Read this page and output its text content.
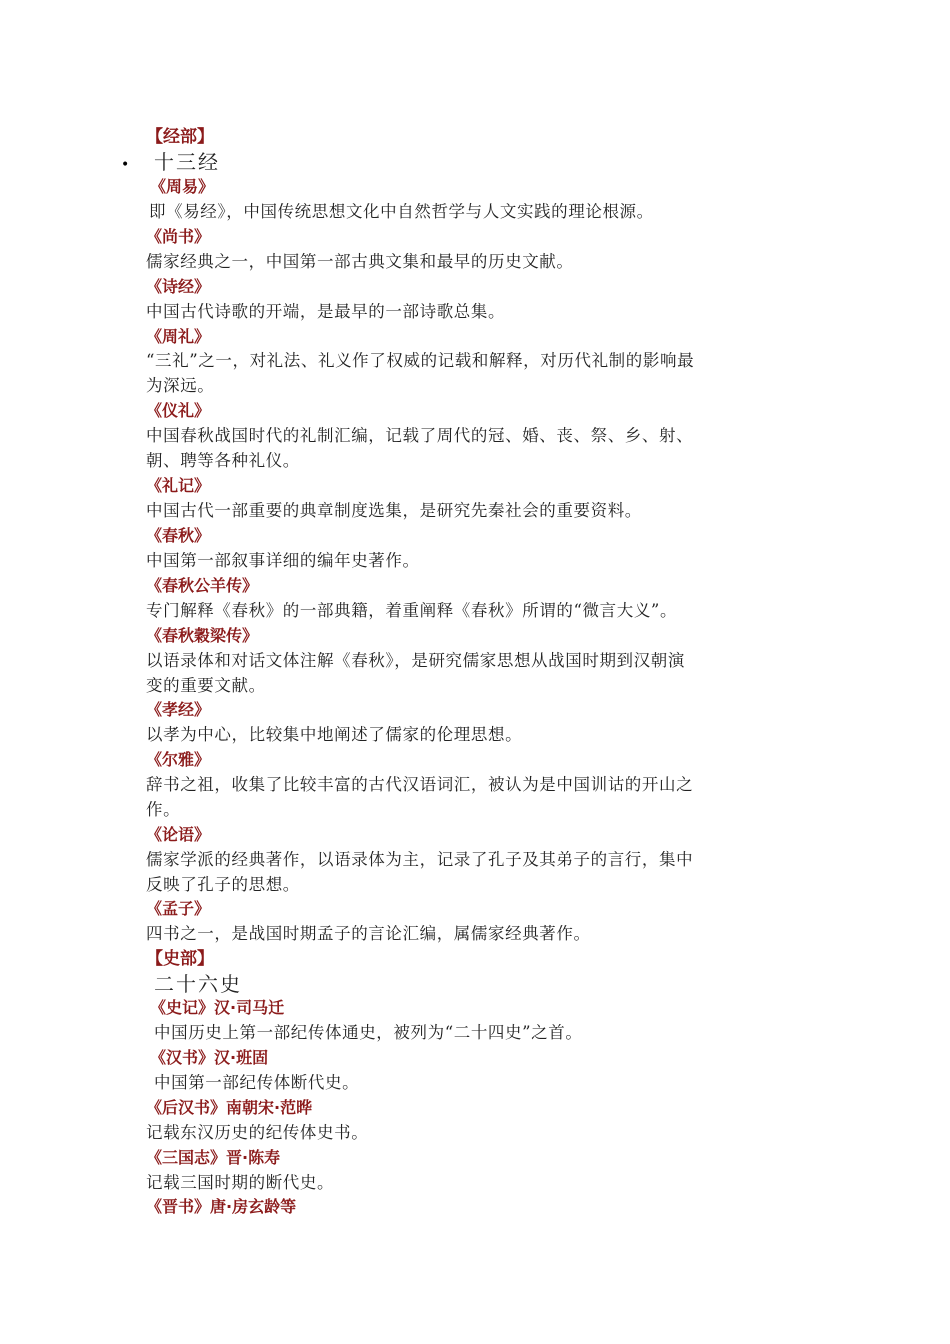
【经部】
• 十三经
《周易》
即《易经》，中国传统思想文化中自然哲学与人文实践的理论根源。
《尚书》
儒家经典之一，中国第一部古典文集和最早的历史文献。
《诗经》
中国古代诗歌的开端，是最早的一部诗歌总集。
《周礼》
“三礼”之一，对礼法、礼义作了权威的记载和解释，对历代礼制的影响最
为深远。
《仪礼》
中国春秋战国时代的礼制汇编，记载了周代的冠、婚、丧、祭、乡、射、
朝、聘等各种礼仪。
《礼记》
中国古代一部重要的典章制度选集，是研究先秦社会的重要资料。
《春秋》
中国第一部叙事详细的编年史著作。
《春秋公羊传》
专门解释《春秋》的一部典籍，着重阐释《春秋》所谓的“微言大义”。
《春秋穀梁传》
以语录体和对话文体注解《春秋》，是研究儒家思想从战国时期到汉朝演
变的重要文献。
《孝经》
以孝为中心，比较集中地阐述了儒家的伦理思想。
《尔雅》
辞书之祖，收集了比较丰富的古代汉语词汇，被认为是中国训诂的开山之
作。
《论语》
儒家学派的经典著作，以语录体为主，记录了孔子及其弟子的言行，集中
反映了孔子的思想。
《孟子》
四书之一，是战国时期孟子的言论汇编，属儒家经典著作。
【史部】
二十六史
《史记》汉·司马迁
中国历史上第一部纪传体通史，被列为“二十四史”之首。
《汉书》汉·班固
中国第一部纪传体断代史。
《后汉书》南朝宋·范晔
记载东汉历史的纪传体史书。
《三国志》晋·陈寿
记载三国时期的断代史。
《晋书》唐·房玄龄等
